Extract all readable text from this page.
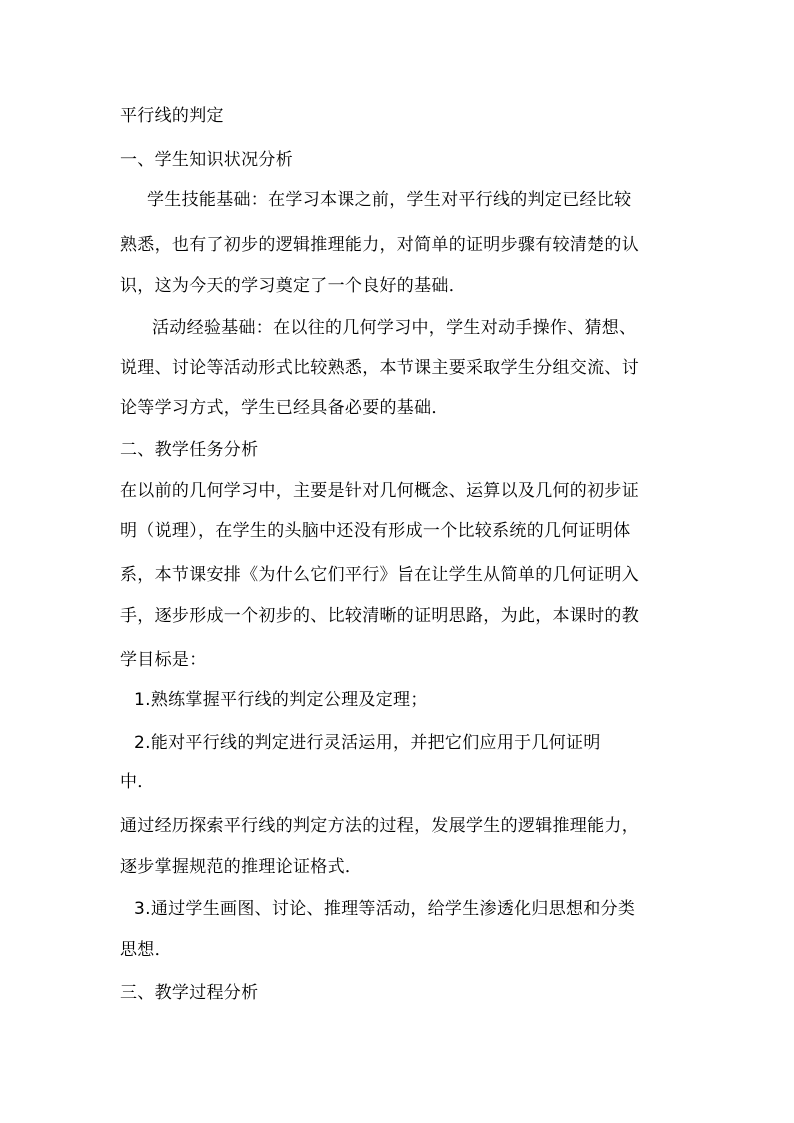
平行线的判定
一、学生知识状况分析
学生技能基础：在学习本课之前，学生对平行线的判定已经比较
熟悉，也有了初步的逻辑推理能力，对简单的证明步骤有较清楚的认
识，这为今天的学习奠定了一个良好的基础．
活动经验基础：在以往的几何学习中，学生对动手操作、猜想、
说理、讨论等活动形式比较熟悉，本节课主要采取学生分组交流、讨
论等学习方式，学生已经具备必要的基础．
二、教学任务分析
在以前的几何学习中，主要是针对几何概念、运算以及几何的初步证
明（说理），在学生的头脑中还没有形成一个比较系统的几何证明体
系，本节课安排《为什么它们平行》旨在让学生从简单的几何证明入
手，逐步形成一个初步的、比较清晰的证明思路，为此，本课时的教
学目标是：
1.熟练掌握平行线的判定公理及定理；
2.能对平行线的判定进行灵活运用，并把它们应用于几何证明
中．
通过经历探索平行线的判定方法的过程，发展学生的逻辑推理能力，
逐步掌握规范的推理论证格式．
3.通过学生画图、讨论、推理等活动，给学生渗透化归思想和分类
思想．
三、教学过程分析
